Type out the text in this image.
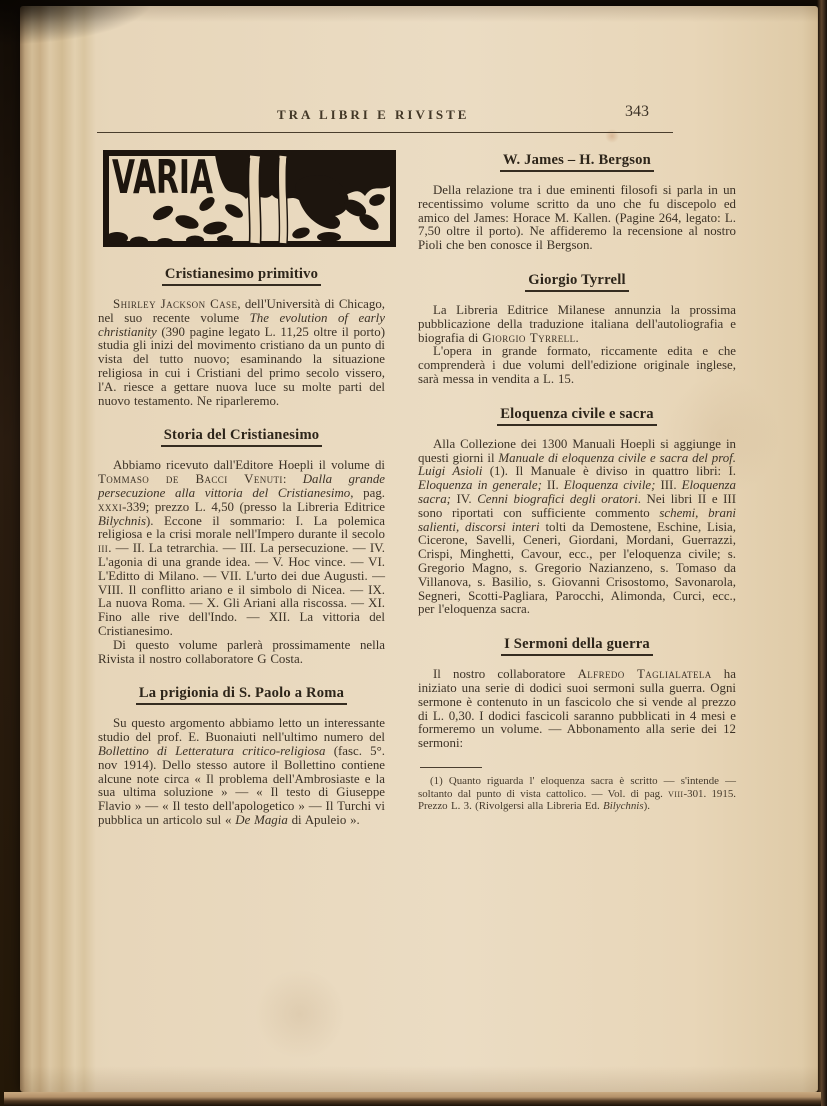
TRA LIBRI E RIVISTE	343
VARIA
Cristianesimo primitivo

Shirley Jackson Case, dell'Università di Chicago, nel suo recente volume The evolution of early christianity (390 pagine legato L. 11,25 oltre il porto) studia gli inizi del movimento cristiano da un punto di vista del tutto nuovo; esaminando la situazione religiosa in cui i Cristiani del primo secolo vissero, l'A. riesce a gettare nuova luce su molte parti del nuovo testamento. Ne riparleremo.

Storia del Cristianesimo

Abbiamo ricevuto dall'Editore Hoepli il volume di Tommaso de Bacci Venuti: Dalla grande persecuzione alla vittoria del Cristianesimo, pag. xxxi-339; prezzo L. 4,50 (presso la Libreria Editrice Bilychnis). Eccone il sommario: I. La polemica religiosa e la crisi morale nell'Impero durante il secolo iii. — II. La tetrarchia. — III. La persecuzione. — IV. L'agonia di una grande idea. — V. Hoc vince. — VI. L'Editto di Milano. — VII. L'urto dei due Augusti. — VIII. Il conflitto ariano e il simbolo di Nicea. — IX. La nuova Roma. — X. Gli Ariani alla riscossa. — XI. Fino alle rive dell'Indo. — XII. La vittoria del Cristianesimo.

Di questo volume parlerà prossimamente nella Rivista il nostro collaboratore G Costa.

La prigionia di S. Paolo a Roma

Su questo argomento abbiamo letto un interessante studio del prof. E. Buonaiuti nell'ultimo numero del Bollettino di Letteratura critico-religiosa (fasc. 5°. nov 1914). Dello stesso autore il Bollettino contiene alcune note circa « Il problema dell'Ambrosiaste e la sua ultima soluzione » — « Il testo di Giuseppe Flavio » — « Il testo dell'apologetico » — Il Turchi vi pubblica un articolo sul « De Magia di Apuleio ».

W. James – H. Bergson

Della relazione tra i due eminenti filosofi si parla in un recentissimo volume scritto da uno che fu discepolo ed amico del James: Horace M. Kallen. (Pagine 264, legato: L. 7,50 oltre il porto). Ne affideremo la recensione al nostro Pioli che ben conosce il Bergson.

Giorgio Tyrrell

La Libreria Editrice Milanese annunzia la prossima pubblicazione della traduzione italiana dell'autoliografia e biografia di Giorgio Tyrrell.

L'opera in grande formato, riccamente edita e che comprenderà i due volumi dell'edizione originale inglese, sarà messa in vendita a L. 15.

Eloquenza civile e sacra

Alla Collezione dei 1300 Manuali Hoepli si aggiunge in questi giorni il Manuale di eloquenza civile e sacra del prof. Luigi Asioli (1). Il Manuale è diviso in quattro libri: I. Eloquenza in generale; II. Eloquenza civile; III. Eloquenza sacra; IV. Cenni biografici degli oratori. Nei libri II e III sono riportati con sufficiente commento schemi, brani salienti, discorsi interi tolti da Demostene, Eschine, Lisia, Cicerone, Savelli, Ceneri, Giordani, Mordani, Guerrazzi, Crispi, Minghetti, Cavour, ecc., per l'eloquenza civile; s. Gregorio Magno, s. Gregorio Nazianzeno, s. Tomaso da Villanova, s. Basilio, s. Giovanni Crisostomo, Savonarola, Segneri, Scotti-Pagliara, Parocchi, Alimonda, Curci, ecc., per l'eloquenza sacra.

I Sermoni della guerra

Il nostro collaboratore Alfredo Taglialatela ha iniziato una serie di dodici suoi sermoni sulla guerra. Ogni sermone è contenuto in un fascicolo che si vende al prezzo di L. 0,30. I dodici fascicoli saranno pubblicati in 4 mesi e formeremo un volume. — Abbonamento alla serie dei 12 sermoni:

(1) Quanto riguarda l' eloquenza sacra è scritto — s'intende — soltanto dal punto di vista cattolico. — Vol. di pag. viii-301. 1915. Prezzo L. 3. (Rivolgersi alla Libreria Ed. Bilychnis).
